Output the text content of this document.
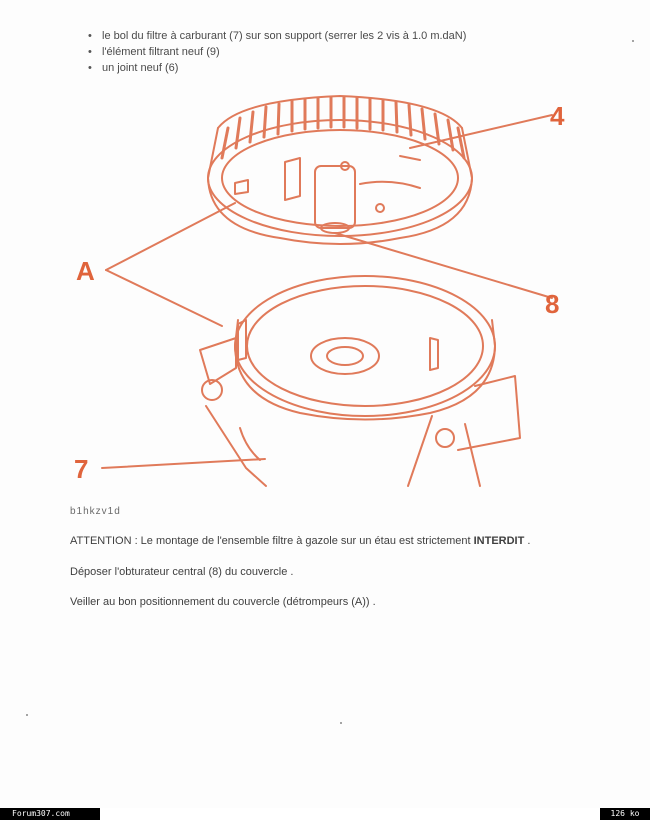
• le bol du filtre à carburant (7) sur son support (serrer les 2 vis à 1.0 m.daN)
• l'élément filtrant neuf (9)
• un joint neuf (6)
4
8
A
7
b1hkzv1d
ATTENTION : Le montage de l'ensemble filtre à gazole sur un étau est strictement INTERDIT .
Déposer l'obturateur central (8) du couvercle .
Veiller au bon positionnement du couvercle (détrompeurs (A)) .
Forum307.com	126 ko
